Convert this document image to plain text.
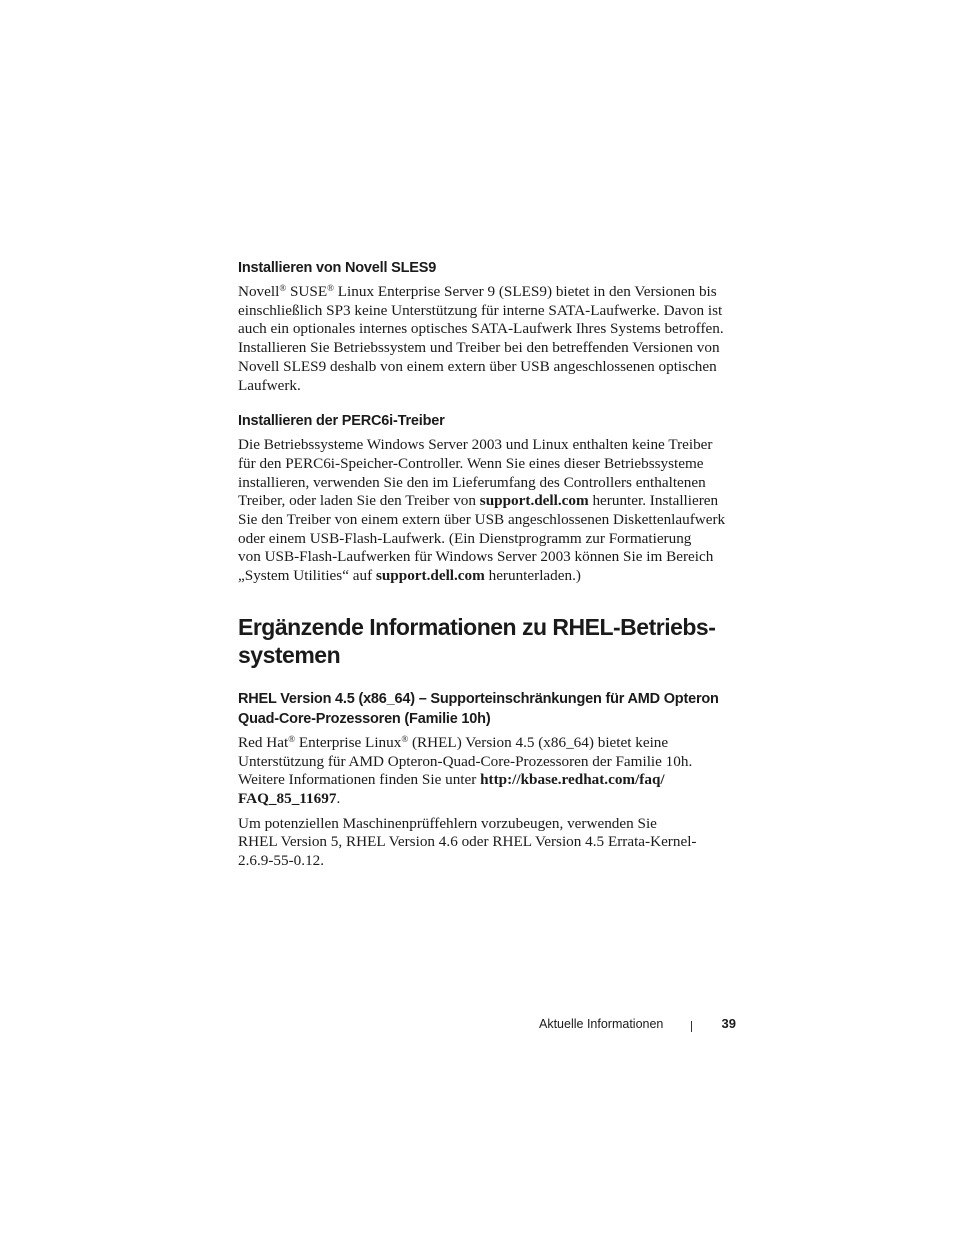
Installieren von Novell SLES9

Novell® SUSE® Linux Enterprise Server 9 (SLES9) bietet in den Versionen bis
einschließlich SP3 keine Unterstützung für interne SATA-Laufwerke. Davon ist
auch ein optionales internes optisches SATA-Laufwerk Ihres Systems betroffen.
Installieren Sie Betriebssystem und Treiber bei den betreffenden Versionen von
Novell SLES9 deshalb von einem extern über USB angeschlossenen optischen
Laufwerk.

Installieren der PERC6i-Treiber

Die Betriebssysteme Windows Server 2003 und Linux enthalten keine Treiber
für den PERC6i-Speicher-Controller. Wenn Sie eines dieser Betriebssysteme
installieren, verwenden Sie den im Lieferumfang des Controllers enthaltenen
Treiber, oder laden Sie den Treiber von support.dell.com herunter. Installieren
Sie den Treiber von einem extern über USB angeschlossenen Diskettenlaufwerk
oder einem USB-Flash-Laufwerk. (Ein Dienstprogramm zur Formatierung
von USB-Flash-Laufwerken für Windows Server 2003 können Sie im Bereich
„System Utilities“ auf support.dell.com herunterladen.)

Ergänzende Informationen zu RHEL-Betriebs-
systemen
RHEL Version 4.5 (x86_64) – Supporteinschränkungen für AMD Opteron
Quad-Core-Prozessoren (Familie 10h)

Red Hat® Enterprise Linux® (RHEL) Version 4.5 (x86_64) bietet keine
Unterstützung für AMD Opteron-Quad-Core-Prozessoren der Familie 10h.
Weitere Informationen finden Sie unter http://kbase.redhat.com/faq/
FAQ_85_11697.

Um potenziellen Maschinenprüffehlern vorzubeugen, verwenden Sie
RHEL Version 5, RHEL Version 4.6 oder RHEL Version 4.5 Errata-Kernel-
2.6.9-55-0.12.

Aktuelle Informationen	39
